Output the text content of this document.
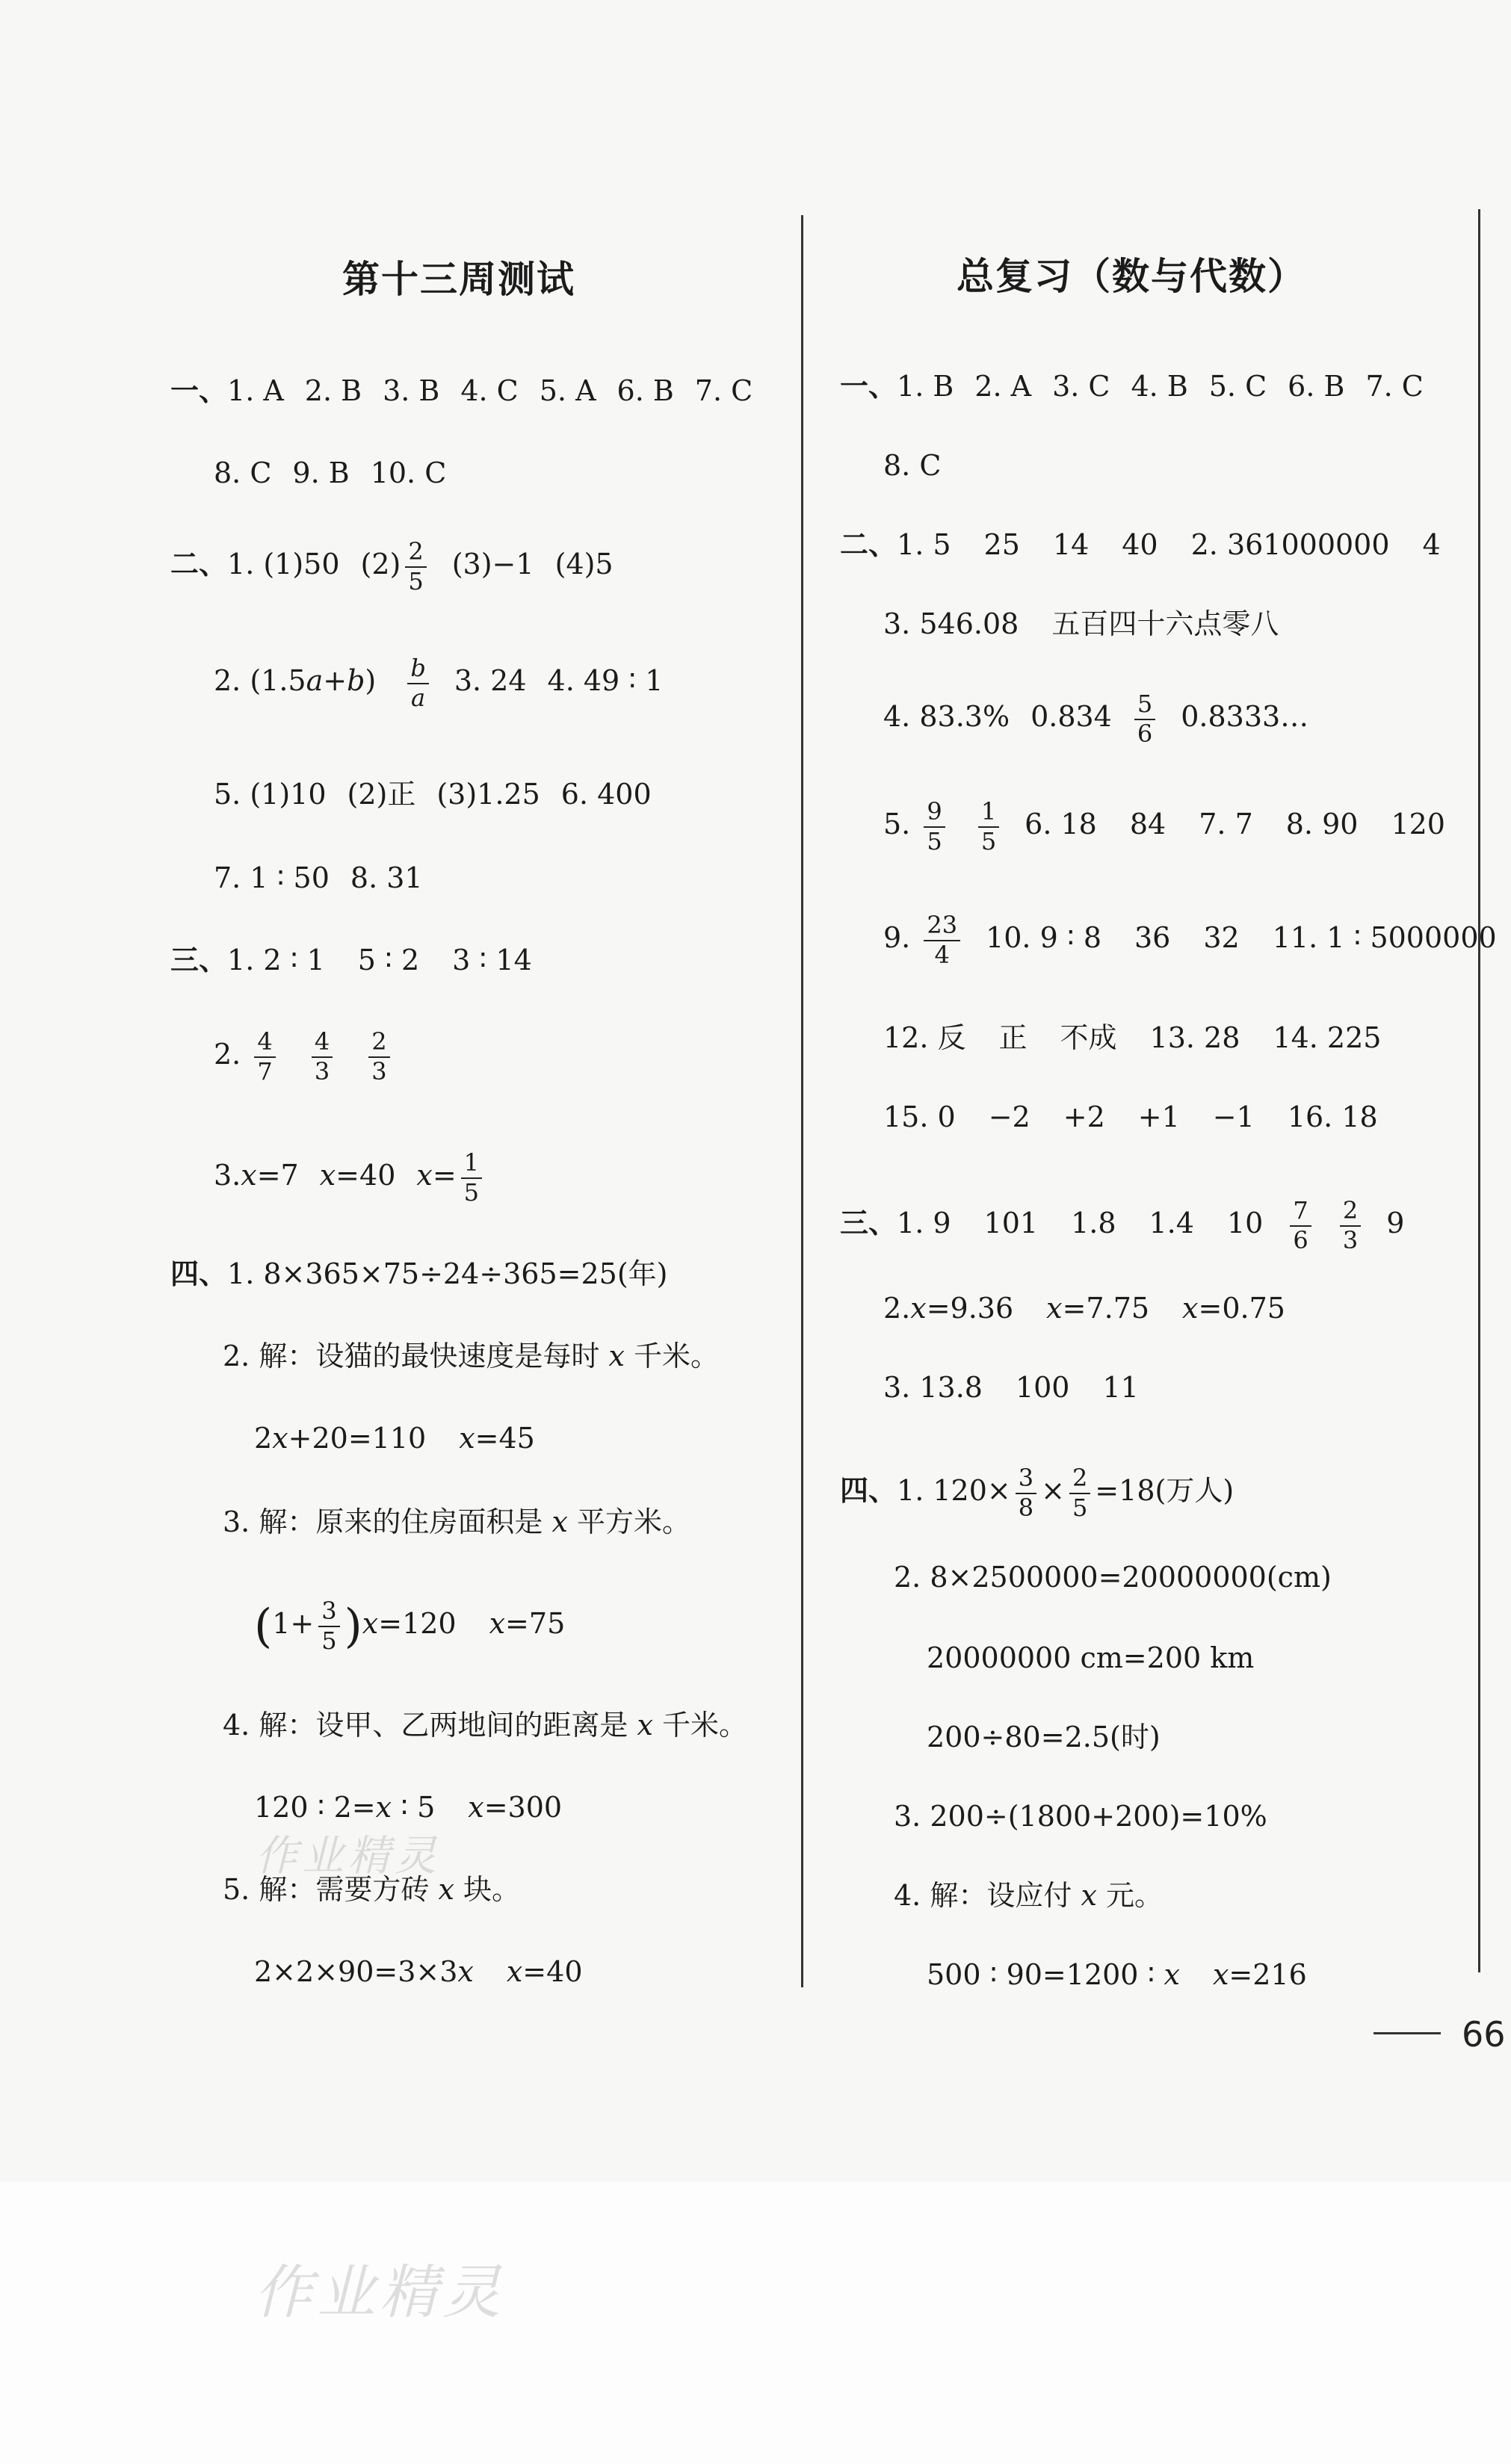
第十三周测试
一、1. A 2. B 3. B 4. C 5. A 6. B 7. C
8. C 9. B 10. C
二、1. (1)50 $(2) \frac{2}{5} (3)-1$ (4)5
2. $(1.5a+b) \frac{b}{a} 3$. 24 4. 49 ∶ 1
5. (1)10 (2)正 (3)1.25 6. 400
7. 1 ∶ 50 8. 31
三、1. 2 ∶ 1 5 ∶ 2 3 ∶ 14
2. $\frac{4}{7}$
$\frac{4}{3}$
$\frac{2}{3}$
3.x=7 x=40 $x= \frac{1}{5}$
四、1. 8×365×75÷24÷365=25(年)
2. 解：设猫的最快速度是每时 x 千米。
2x+20=110 x=45
3. 解：原来的住房面积是 x 平方米。
$(1+ \frac{3}{5} )x=120$ x=75
4. 解：设甲、乙两地间的距离是 x 千米。
120 ∶ 2=x ∶ 5 x=300
5. 解：需要方砖 x 块。
2×2×90=3×3x x=40
总复习（数与代数）
一、1. B 2. A 3. C 4. B 5. C 6. B 7. C
8. C
二、1. 5 25 14 40 2. 361000000 4
3. 546.08 五百四十六点零八
4. 83.3% $0.834 \frac{5}{6}$ 0.8333…
5. $\frac{9}{5}$
$\frac{1}{5} 6$. 18 84 7. 7 8. 90 120
9. $\frac{23}{4} 10$. 9 ∶ 8 36 32 11. 1 ∶ 5000000
12. 反 正 不成 13. 28 14. 225
15. 0 −2 +2 +1 −1 16. 18
三、1. 9 101 1.8 1.4 $10 \frac{7}{6}$
$\frac{2}{3} 9$
2.x=9.36 x=7.75 x=0.75
3. 13.8 100 11
四、1. $120\times \frac{3}{8} \times \frac{2}{5} =18$(万人)
2. 8×2500000=20000000(cm)
20000000 cm=200 km
200÷80=2.5(时)
3. 200÷(1800+200)=10%
4. 解：设应付 x 元。
500 ∶ 90=1200 ∶ x x=216
66
作业精灵
作业精灵
